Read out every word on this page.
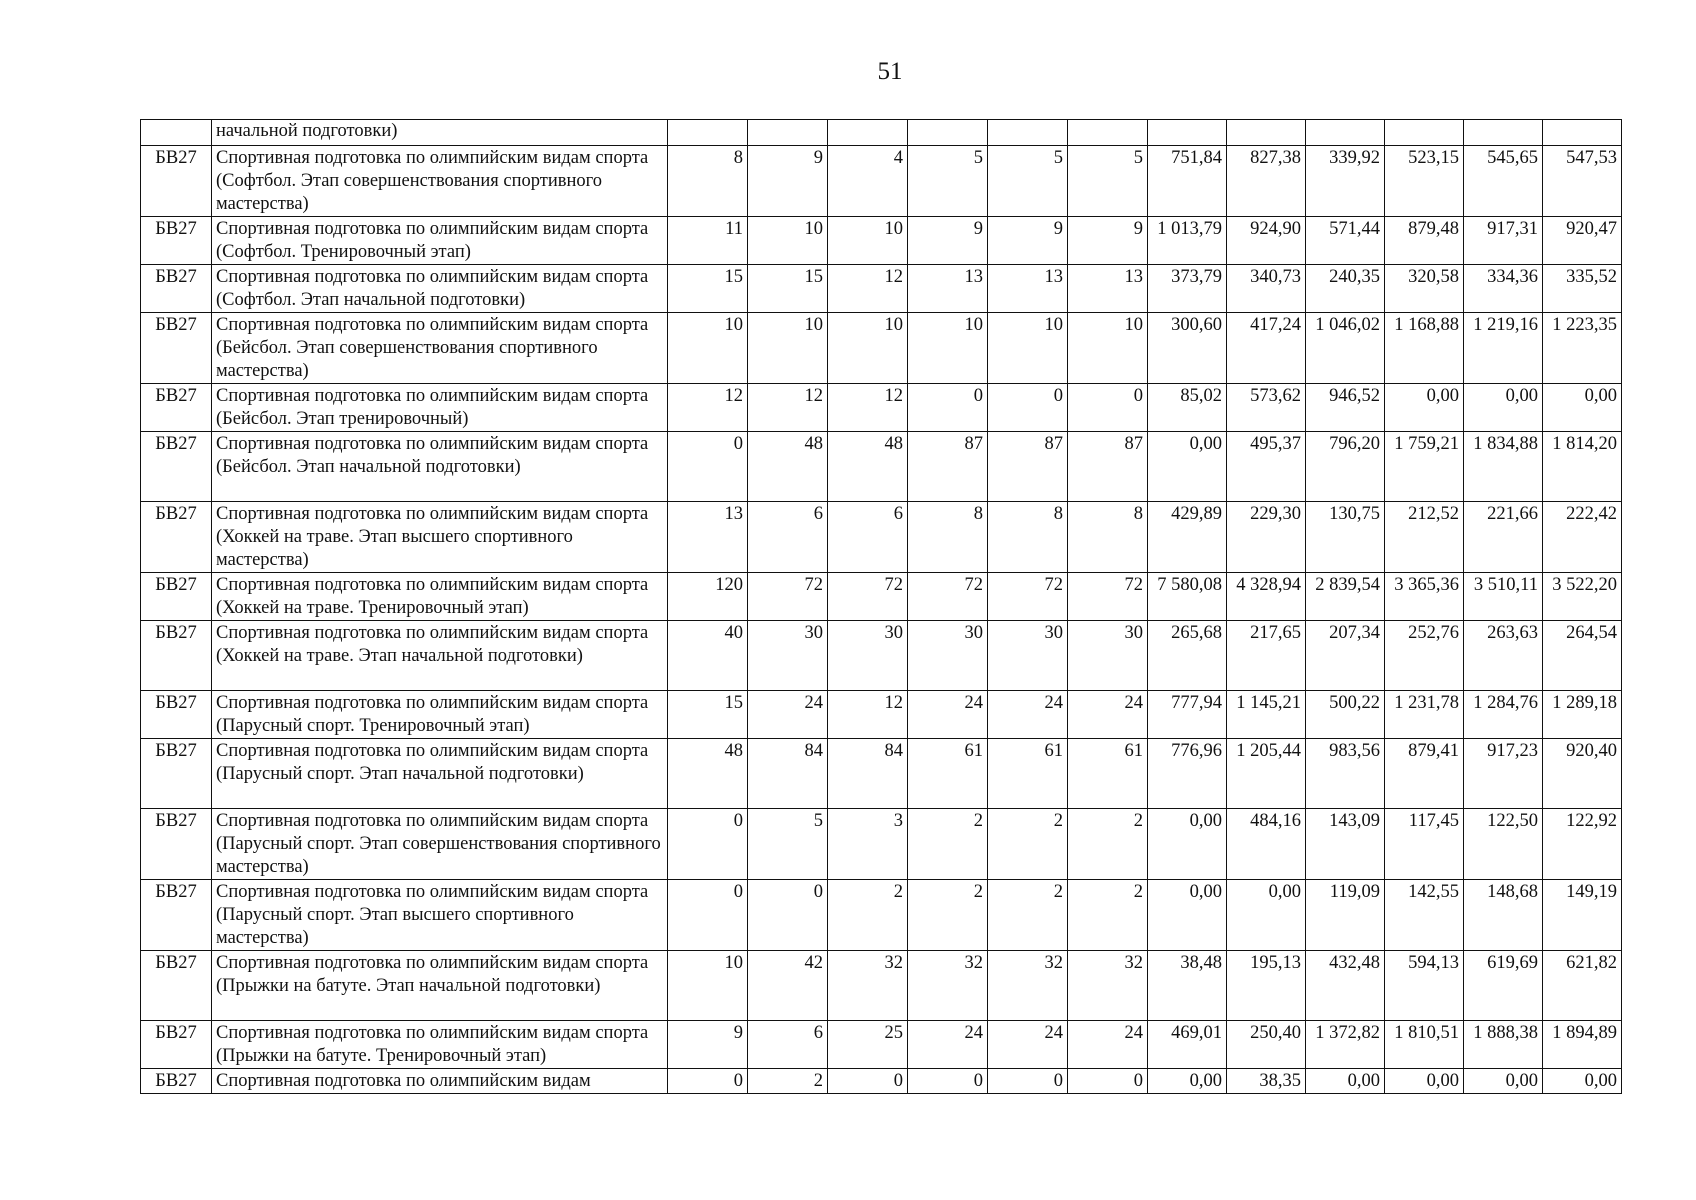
51
	начальной подготовки)												
БВ27	Спортивная подготовка по олимпийским видам спорта (Софтбол. Этап совершенствования спортивного мастерства)	8	9	4	5	5	5	751,84	827,38	339,92	523,15	545,65	547,53
БВ27	Спортивная подготовка по олимпийским видам спорта (Софтбол. Тренировочный этап)	11	10	10	9	9	9	1 013,79	924,90	571,44	879,48	917,31	920,47
БВ27	Спортивная подготовка по олимпийским видам спорта (Софтбол. Этап начальной подготовки)	15	15	12	13	13	13	373,79	340,73	240,35	320,58	334,36	335,52
БВ27	Спортивная подготовка по олимпийским видам спорта (Бейсбол. Этап совершенствования спортивного мастерства)	10	10	10	10	10	10	300,60	417,24	1 046,02	1 168,88	1 219,16	1 223,35
БВ27	Спортивная подготовка по олимпийским видам спорта (Бейсбол. Этап тренировочный)	12	12	12	0	0	0	85,02	573,62	946,52	0,00	0,00	0,00
БВ27	Спортивная подготовка по олимпийским видам спорта (Бейсбол. Этап начальной подготовки)	0	48	48	87	87	87	0,00	495,37	796,20	1 759,21	1 834,88	1 814,20
БВ27	Спортивная подготовка по олимпийским видам спорта (Хоккей на траве. Этап высшего спортивного мастерства)	13	6	6	8	8	8	429,89	229,30	130,75	212,52	221,66	222,42
БВ27	Спортивная подготовка по олимпийским видам спорта (Хоккей на траве. Тренировочный этап)	120	72	72	72	72	72	7 580,08	4 328,94	2 839,54	3 365,36	3 510,11	3 522,20
БВ27	Спортивная подготовка по олимпийским видам спорта (Хоккей на траве. Этап начальной подготовки)	40	30	30	30	30	30	265,68	217,65	207,34	252,76	263,63	264,54
БВ27	Спортивная подготовка по олимпийским видам спорта (Парусный спорт. Тренировочный этап)	15	24	12	24	24	24	777,94	1 145,21	500,22	1 231,78	1 284,76	1 289,18
БВ27	Спортивная подготовка по олимпийским видам спорта (Парусный спорт. Этап начальной подготовки)	48	84	84	61	61	61	776,96	1 205,44	983,56	879,41	917,23	920,40
БВ27	Спортивная подготовка по олимпийским видам спорта (Парусный спорт. Этап совершенствования спортивного мастерства)	0	5	3	2	2	2	0,00	484,16	143,09	117,45	122,50	122,92
БВ27	Спортивная подготовка по олимпийским видам спорта (Парусный спорт. Этап высшего спортивного мастерства)	0	0	2	2	2	2	0,00	0,00	119,09	142,55	148,68	149,19
БВ27	Спортивная подготовка по олимпийским видам спорта (Прыжки на батуте. Этап начальной подготовки)	10	42	32	32	32	32	38,48	195,13	432,48	594,13	619,69	621,82
БВ27	Спортивная подготовка по олимпийским видам спорта (Прыжки на батуте. Тренировочный этап)	9	6	25	24	24	24	469,01	250,40	1 372,82	1 810,51	1 888,38	1 894,89
БВ27	Спортивная подготовка по олимпийским видам	0	2	0	0	0	0	0,00	38,35	0,00	0,00	0,00	0,00
